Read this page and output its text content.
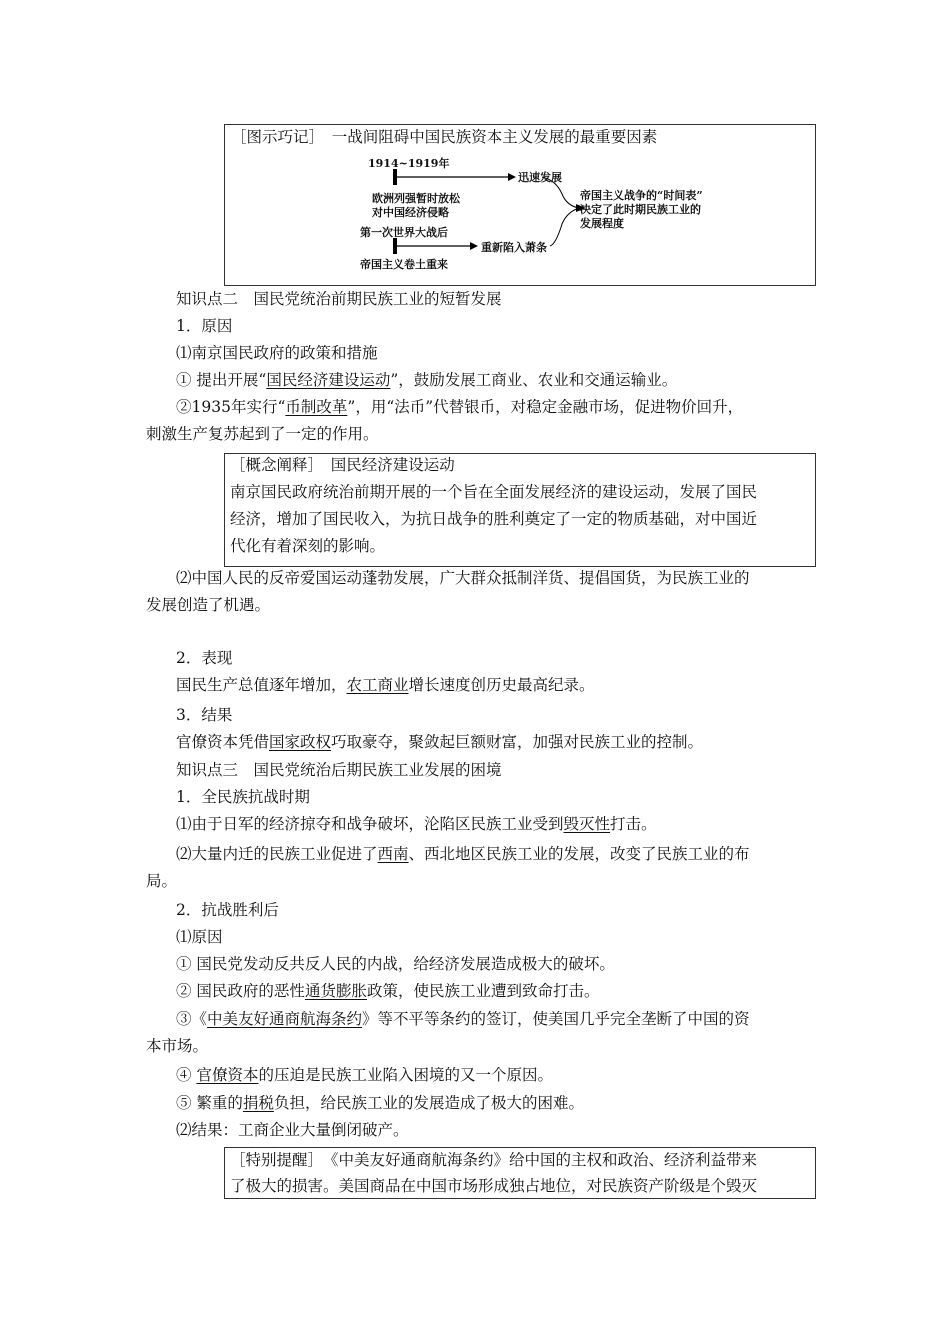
［图示巧记］　一战间阻碍中国民族资本主义发展的最重要因素
1914~1919年
欧洲列强暂时放松
对中国经济侵略
迅速发展
第一次世界大战后
帝国主义卷土重来
重新陷入萧条
帝国主义战争的“时间表”
决定了此时期民族工业的
发展程度
知识点二　国民党统治前期民族工业的短暂发展
1．原因
⑴南京国民政府的政策和措施
① 提出开展“国民经济建设运动”，鼓励发展工商业、农业和交通运输业。
②1935年实行“币制改革”，用“法币”代替银币，对稳定金融市场，促进物价回升，
刺激生产复苏起到了一定的作用。
［概念阐释］　国民经济建设运动
南京国民政府统治前期开展的一个旨在全面发展经济的建设运动，发展了国民
经济，增加了国民收入，为抗日战争的胜利奠定了一定的物质基础，对中国近
代化有着深刻的影响。
⑵中国人民的反帝爱国运动蓬勃发展，广大群众抵制洋货、提倡国货，为民族工业的
发展创造了机遇。
2．表现
国民生产总值逐年增加，农工商业增长速度创历史最高纪录。
3．结果
官僚资本凭借国家政权巧取豪夺，聚敛起巨额财富，加强对民族工业的控制。
知识点三　国民党统治后期民族工业发展的困境
1．全民族抗战时期
⑴由于日军的经济掠夺和战争破坏，沦陷区民族工业受到毁灭性打击。
⑵大量内迁的民族工业促进了西南、西北地区民族工业的发展，改变了民族工业的布
局。
2．抗战胜利后
⑴原因
① 国民党发动反共反人民的内战，给经济发展造成极大的破坏。
② 国民政府的恶性通货膨胀政策，使民族工业遭到致命打击。
③《中美友好通商航海条约》等不平等条约的签订，使美国几乎完全垄断了中国的资
本市场。
④ 官僚资本的压迫是民族工业陷入困境的又一个原因。
⑤ 繁重的捐税负担，给民族工业的发展造成了极大的困难。
⑵结果：工商企业大量倒闭破产。
［特别提醒］　《中美友好通商航海条约》给中国的主权和政治、经济利益带来
了极大的损害。美国商品在中国市场形成独占地位，对民族资产阶级是个毁灭
